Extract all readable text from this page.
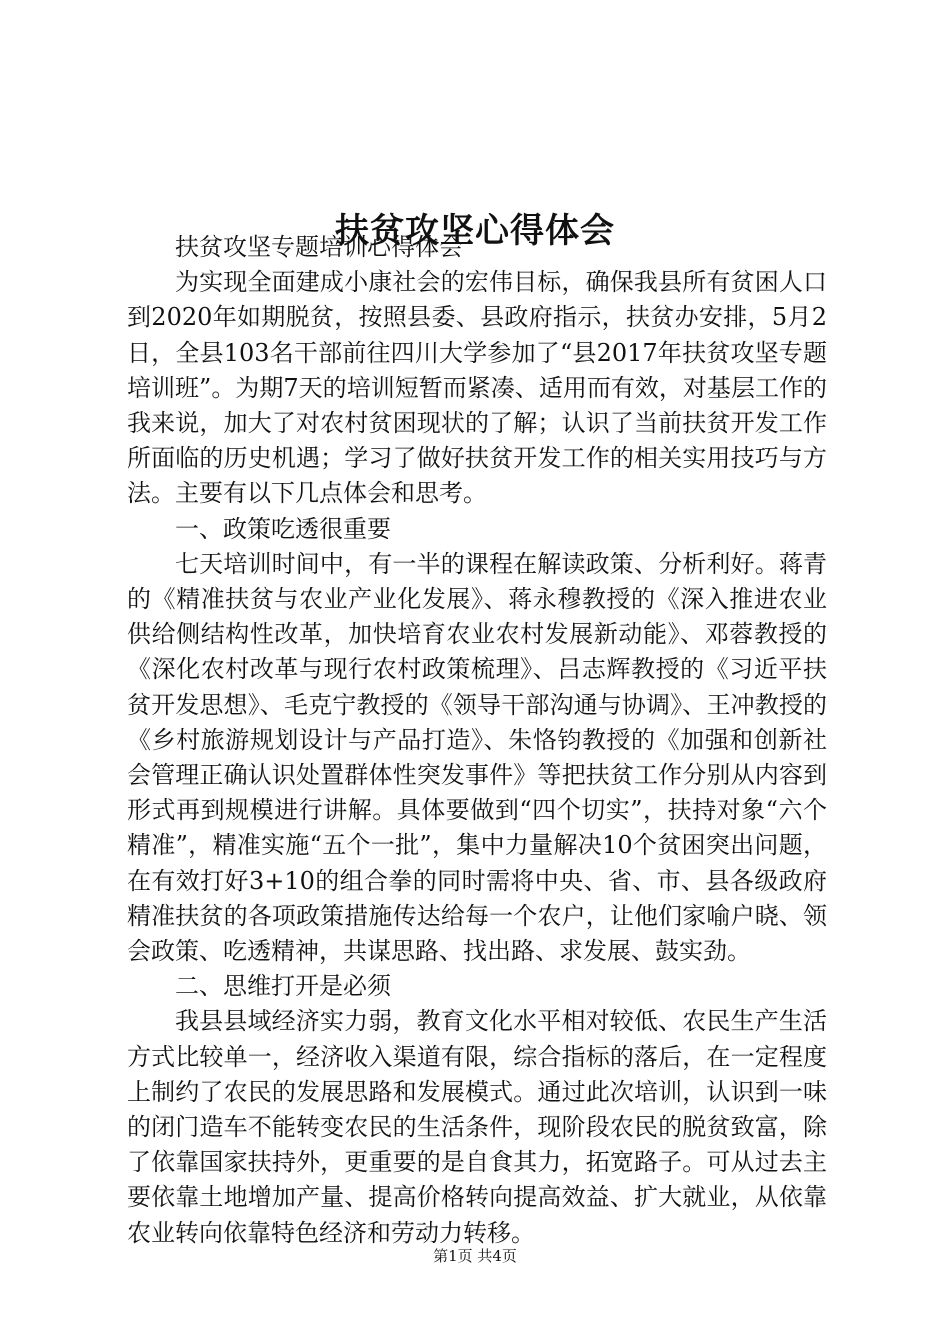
扶贫攻坚心得体会

扶贫攻坚专题培训心得体会

为实现全面建成小康社会的宏伟目标，确保我县所有贫困人口到2020年如期脱贫，按照县委、县政府指示，扶贫办安排，5月2日，全县103名干部前往四川大学参加了“县2017年扶贫攻坚专题培训班”。为期7天的培训短暂而紧凑、适用而有效，对基层工作的我来说，加大了对农村贫困现状的了解；认识了当前扶贫开发工作所面临的历史机遇；学习了做好扶贫开发工作的相关实用技巧与方法。主要有以下几点体会和思考。

一、政策吃透很重要

七天培训时间中，有一半的课程在解读政策、分析利好。蒋青的《精准扶贫与农业产业化发展》、蒋永穆教授的《深入推进农业供给侧结构性改革，加快培育农业农村发展新动能》、邓蓉教授的《深化农村改革与现行农村政策梳理》、吕志辉教授的《习近平扶贫开发思想》、毛克宁教授的《领导干部沟通与协调》、王冲教授的《乡村旅游规划设计与产品打造》、朱恪钧教授的《加强和创新社会管理正确认识处置群体性突发事件》等把扶贫工作分别从内容到形式再到规模进行讲解。具体要做到“四个切实”，扶持对象“六个精准”，精准实施“五个一批”，集中力量解决10个贫困突出问题，在有效打好3+10的组合拳的同时需将中央、省、市、县各级政府精准扶贫的各项政策措施传达给每一个农户，让他们家喻户晓、领会政策、吃透精神，共谋思路、找出路、求发展、鼓实劲。

二、思维打开是必须

我县县域经济实力弱，教育文化水平相对较低、农民生产生活方式比较单一，经济收入渠道有限，综合指标的落后，在一定程度上制约了农民的发展思路和发展模式。通过此次培训，认识到一味的闭门造车不能转变农民的生活条件，现阶段农民的脱贫致富，除了依靠国家扶持外，更重要的是自食其力，拓宽路子。可从过去主要依靠土地增加产量、提高价格转向提高效益、扩大就业，从依靠农业转向依靠特色经济和劳动力转移。

第1页 共4页
